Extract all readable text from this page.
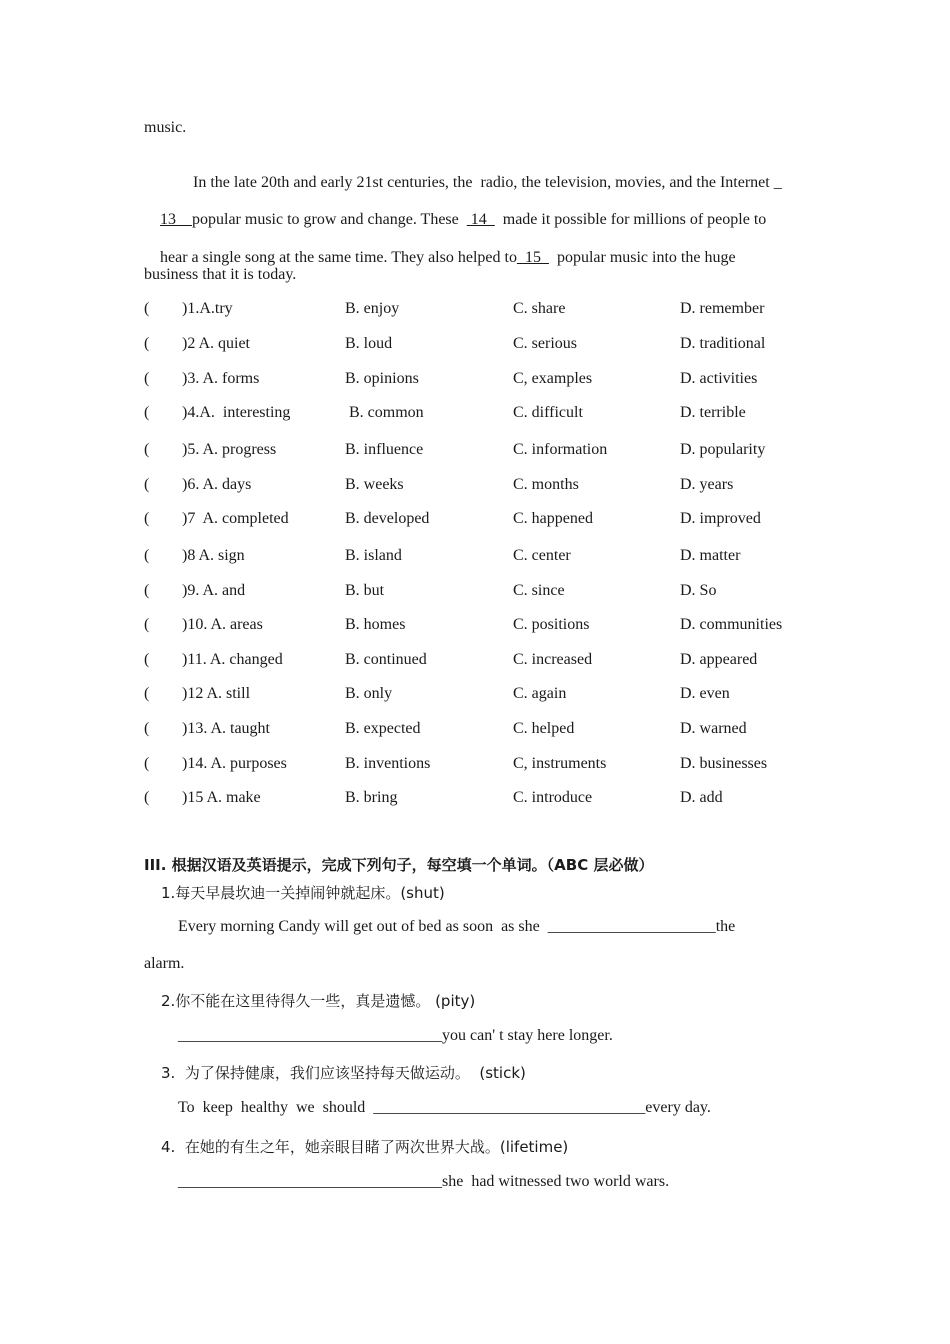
music.

In the late 20th and early 21st centuries, the  radio, the television, movies, and the Internet _

13    popular music to grow and change. These   14    made it possible for millions of people to

hear a single song at the same time. They also helped to_15    popular music into the huge

business that it is today.
( )1.A.try	B. enjoy	C. share	D. remember
( )2 A. quiet	B. loud	C. serious	D. traditional
( )3. A. forms	B. opinions	C, examples	D. activities
( )4.A.  interesting	B. common	C. difficult	D. terrible
( )5. A. progress	B. influence	C. information	D. popularity
( )6. A. days	B. weeks	C. months	D. years
( )7  A. completed	B. developed	C. happened	D. improved
( )8 A. sign	B. island	C. center	D. matter
( )9. A. and	B. but	C. since	D. So
( )10. A. areas	B. homes	C. positions	D. communities
( )11. A. changed	B. continued	C. increased	D. appeared
( )12 A. still	B. only	C. again	D. even
( )13. A. taught	B. expected	C. helped	D. warned
( )14. A. purposes	B. inventions	C, instruments	D. businesses
( )15 A. make	B. bring	C. introduce	D. add
III. 根据汉语及英语提示，完成下列句子，每空填一个单词。（ABC 层必做）
1.每天早晨坎迪一关掉闹钟就起床。(shut)
Every morning Candy will get out of bed as soon  as she  _____________________the
alarm.
2.你不能在这里待得久一些，真是遗憾。 (pity)
_________________________________you can' t stay here longer.
3.  为了保持健康，我们应该坚持每天做运动。  (stick)
To  keep  healthy  we  should  __________________________________every day.
4.  在她的有生之年，她亲眼目睹了两次世界大战。(lifetime)
_________________________________she  had witnessed two world wars.
